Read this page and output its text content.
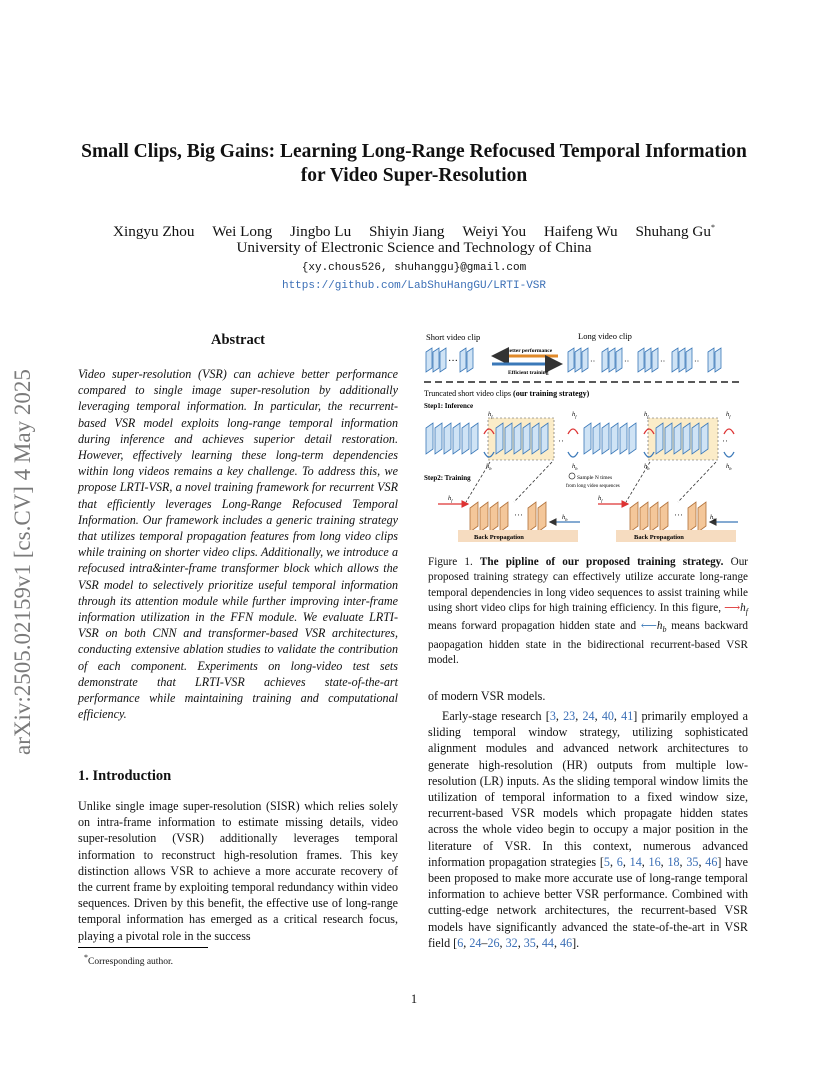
arXiv:2505.02159v1 [cs.CV] 4 May 2025
Small Clips, Big Gains: Learning Long-Range Refocused Temporal Information
for Video Super-Resolution
Xingyu Zhou Wei Long Jingbo Lu Shiyin Jiang Weiyi You Haifeng Wu Shuhang Gu*
University of Electronic Science and Technology of China
{xy.chous526, shuhanggu}@gmail.com
https://github.com/LabShuHangGU/LRTI-VSR
Abstract
Video super-resolution (VSR) can achieve better performance compared to single image super-resolution by additionally leveraging temporal information. In particular, the recurrent-based VSR model exploits long-range temporal information during inference and achieves superior detail restoration. However, effectively learning these long-term dependencies within long videos remains a key challenge. To address this, we propose LRTI-VSR, a novel training framework for recurrent VSR that efficiently leverages Long-Range Refocused Temporal Information. Our framework includes a generic training strategy that utilizes temporal propagation features from long video clips while training on shorter video clips. Additionally, we introduce a refocused intra&inter-frame transformer block which allows the VSR model to selectively prioritize useful temporal information through its attention module while further improving inter-frame information utilization in the FFN module. We evaluate LRTI-VSR on both CNN and transformer-based VSR architectures, conducting extensive ablation studies to validate the contribution of each component. Experiments on long-video test sets demonstrate that LRTI-VSR achieves state-of-the-art performance while maintaining training and computational efficiency.
1. Introduction
Unlike single image super-resolution (SISR) which relies solely on intra-frame information to estimate missing details, video super-resolution (VSR) additionally leverages temporal information to reconstruct high-resolution frames. This key distinction allows VSR to achieve a more accurate recovery of the current frame by exploiting temporal redundancy within video sequences. Driven by this benefit, the effective use of long-range temporal information has emerged as a critical research focus, playing a pivotal role in the success
*Corresponding author.
Short video clip	Long video clip
···
Better performance
Efficient training
··	··	··	··
Truncated short video clips (our training strategy)
Step1: Inference
··	··
$h_f$	$h_f$	$h_f$	$h_f$
$h_b$	$h_b$	$h_b$	$h_b$
Step2: Training	Sample N times
from long video sequences
···	···
$h_f$	$h_f$
$h_b$	$h_b$
Back Propagation	Back Propagation
Figure 1. The pipline of our proposed training strategy. Our proposed training strategy can effectively utilize accurate long-range temporal dependencies in long video sequences to assist training while using short video clips for high training efficiency. In this figure, $⟶h_f$ means forward propagation hidden state and $⟵h_b$ means backward paopagation hidden state in the bidirectional recurrent-based VSR model.
of modern VSR models.
Early-stage research [3, 23, 24, 40, 41] primarily employed a sliding temporal window strategy, utilizing sophisticated alignment modules and advanced network architectures to generate high-resolution (HR) outputs from multiple low-resolution (LR) inputs. As the sliding temporal window limits the utilization of temporal information to a fixed window size, recurrent-based VSR models which propagate hidden states across the whole video begin to occupy a major position in the literature of VSR. In this context, numerous advanced information propagation strategies [5, 6, 14, 16, 18, 35, 46] have been proposed to make more accurate use of long-range temporal information to achieve better VSR performance. Combined with cutting-edge network architectures, the recurrent-based VSR models have significantly advanced the state-of-the-art in VSR field [6, 24–26, 32, 35, 44, 46].
1
